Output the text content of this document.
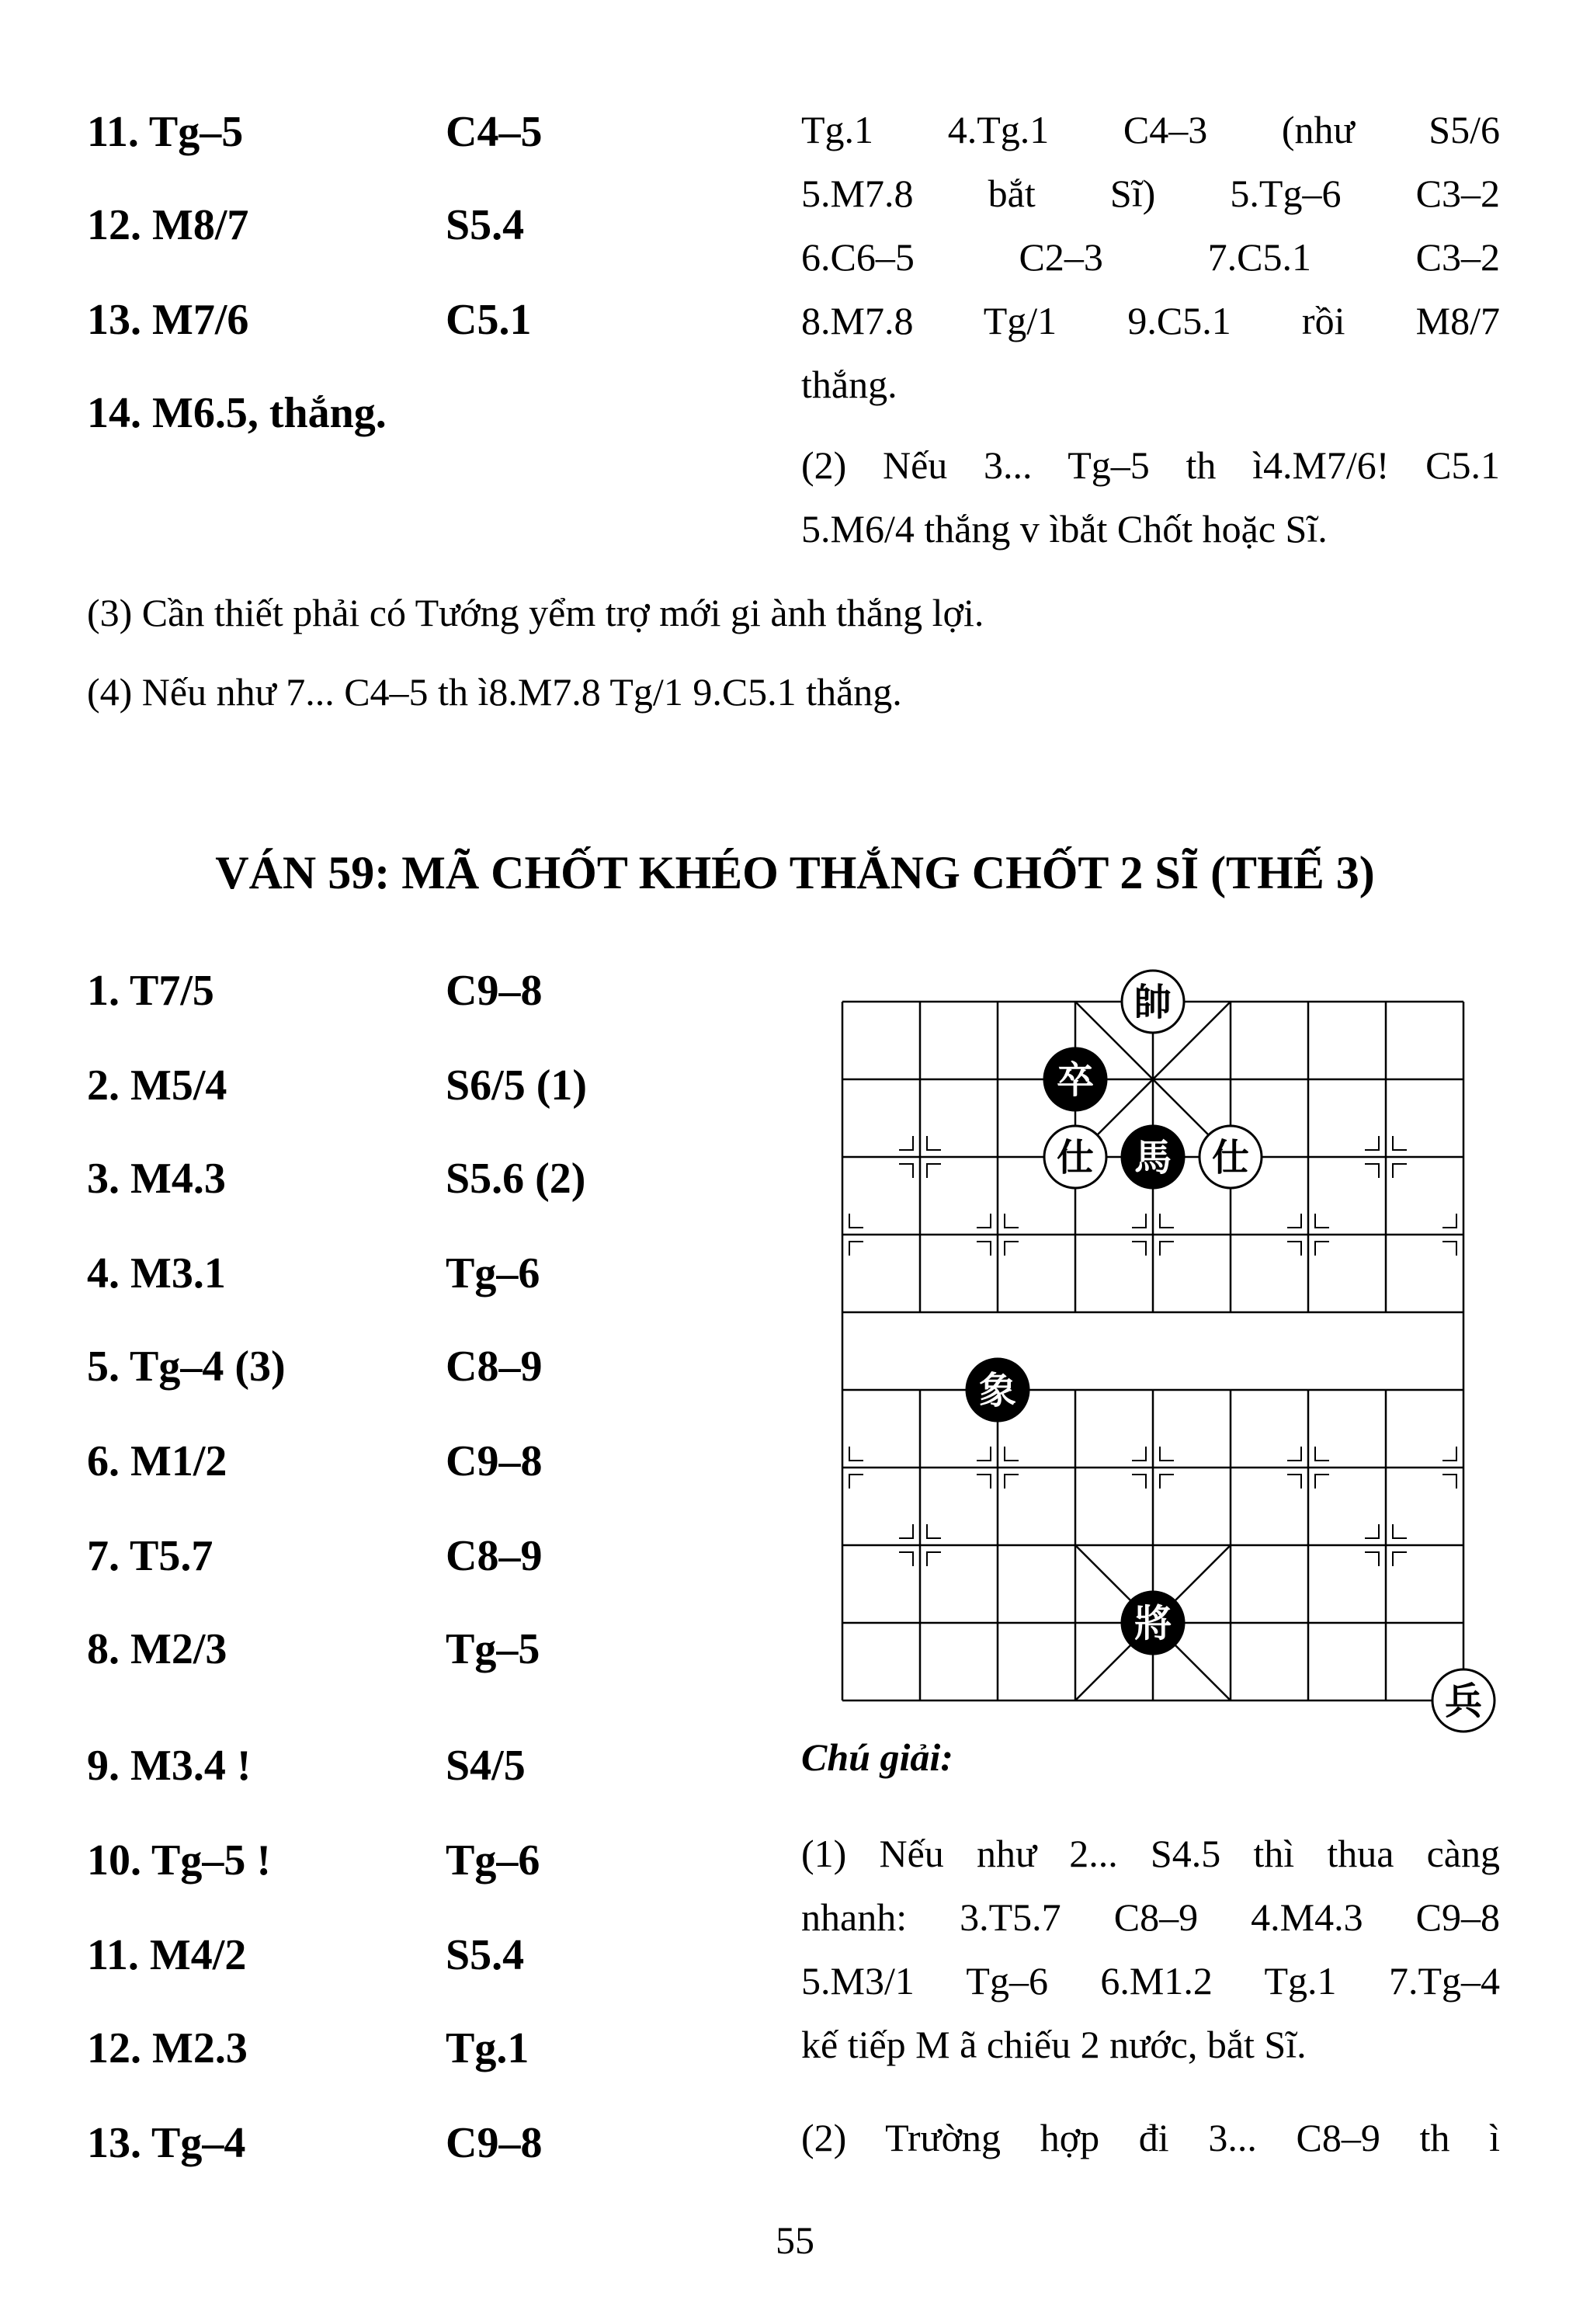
11. Tg–5	C4–5
12. M8/7	S5.4
13. M7/6	C5.1
14. M6.5, thắng.
Tg.1 4.Tg.1 C4–3 (như S5/6
5.M7.8 bắt Sĩ) 5.Tg–6 C3–2
6.C6–5 C2–3 7.C5.1 C3–2
8.M7.8 Tg/1 9.C5.1 rồi M8/7
thắng.
(2) Nếu 3... Tg–5 th ì4.M7/6! C5.1
5.M6/4 thắng v ìbắt Chốt hoặc Sĩ.
(3) Cần thiết phải có Tướng yểm trợ mới gi ành thắng lợi.
(4) Nếu như 7... C4–5 th ì8.M7.8 Tg/1 9.C5.1 thắng.
VÁN 59: MÃ CHỐT KHÉO THẮNG CHỐT 2 SĨ (THẾ 3)
1. T7/5	C9–8
2. M5/4	S6/5 (1)
3. M4.3	S5.6 (2)
4. M3.1	Tg–6
5. Tg–4 (3)	C8–9
6. M1/2	C9–8
7. T5.7	C8–9
8. M2/3	Tg–5
9. M3.4 !	S4/5
10. Tg–5 !	Tg–6
11. M4/2	S5.4
12. M2.3	Tg.1
13. Tg–4	C9–8
帥
卒
仕 馬 仕
象
將
兵
Chú giải:
(1) Nếu như 2... S4.5 thì thua càng
nhanh: 3.T5.7 C8–9 4.M4.3 C9–8
5.M3/1 Tg–6 6.M1.2 Tg.1 7.Tg–4
kế tiếp M ã chiếu 2 nước, bắt Sĩ.
(2) Trường hợp đi 3... C8–9 th ì
55
